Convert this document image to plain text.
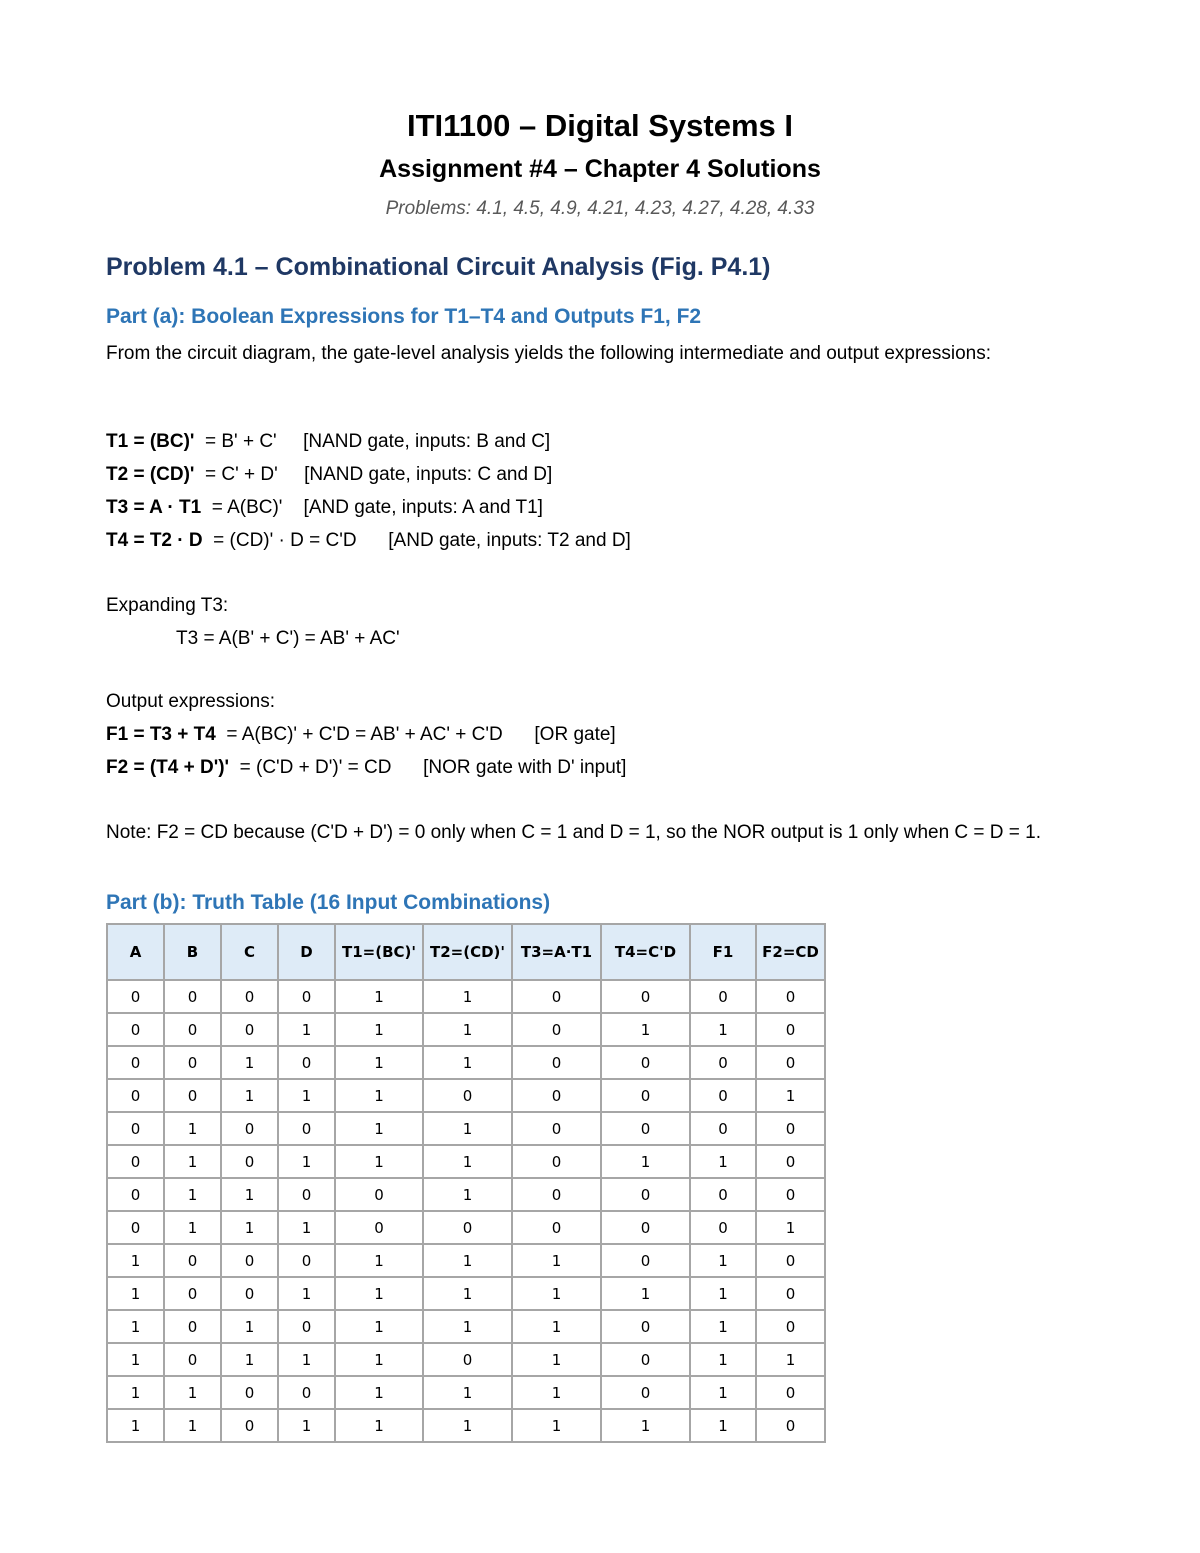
ITI1100 – Digital Systems I
Assignment #4 – Chapter 4 Solutions
Problems: 4.1, 4.5, 4.9, 4.21, 4.23, 4.27, 4.28, 4.33
Problem 4.1 – Combinational Circuit Analysis (Fig. P4.1)
Part (a): Boolean Expressions for T1–T4 and Outputs F1, F2
From the circuit diagram, the gate-level analysis yields the following intermediate and output expressions:
T1 = (BC)'  = B' + C'     [NAND gate, inputs: B and C]
T2 = (CD)'  = C' + D'     [NAND gate, inputs: C and D]
T3 = A · T1  = A(BC)'    [AND gate, inputs: A and T1]
T4 = T2 · D  = (CD)' · D = C'D      [AND gate, inputs: T2 and D]
Expanding T3:
T3 = A(B' + C') = AB' + AC'
Output expressions:
F1 = T3 + T4  = A(BC)' + C'D = AB' + AC' + C'D      [OR gate]
F2 = (T4 + D')'  = (C'D + D')' = CD      [NOR gate with D' input]
Note: F2 = CD because (C'D + D') = 0 only when C = 1 and D = 1, so the NOR output is 1 only when C = D = 1.
Part (b): Truth Table (16 Input Combinations)
A	B	C	D	T1=(BC)'	T2=(CD)'	T3=A·T1	T4=C'D	F1	F2=CD
0	0	0	0	1	1	0	0	0	0
0	0	0	1	1	1	0	1	1	0
0	0	1	0	1	1	0	0	0	0
0	0	1	1	1	0	0	0	0	1
0	1	0	0	1	1	0	0	0	0
0	1	0	1	1	1	0	1	1	0
0	1	1	0	0	1	0	0	0	0
0	1	1	1	0	0	0	0	0	1
1	0	0	0	1	1	1	0	1	0
1	0	0	1	1	1	1	1	1	0
1	0	1	0	1	1	1	0	1	0
1	0	1	1	1	0	1	0	1	1
1	1	0	0	1	1	1	0	1	0
1	1	0	1	1	1	1	1	1	0
